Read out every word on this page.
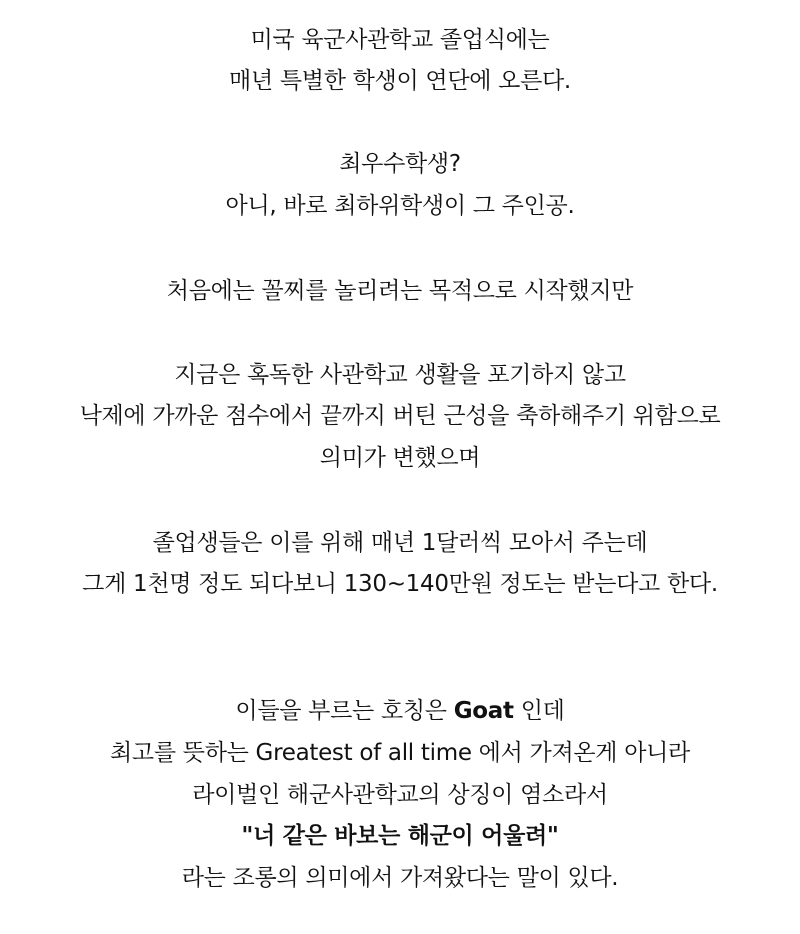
미국 육군사관학교 졸업식에는
매년 특별한 학생이 연단에 오른다.
최우수학생?
아니, 바로 최하위학생이 그 주인공.
처음에는 꼴찌를 놀리려는 목적으로 시작했지만
지금은 혹독한 사관학교 생활을 포기하지 않고
낙제에 가까운 점수에서 끝까지 버틴 근성을 축하해주기 위함으로
의미가 변했으며
졸업생들은 이를 위해 매년 1달러씩 모아서 주는데
그게 1천명 정도 되다보니 130~140만원 정도는 받는다고 한다.
이들을 부르는 호칭은 Goat 인데
최고를 뜻하는 Greatest of all time 에서 가져온게 아니라
라이벌인 해군사관학교의 상징이 염소라서
"너 같은 바보는 해군이 어울려"
라는 조롱의 의미에서 가져왔다는 말이 있다.
